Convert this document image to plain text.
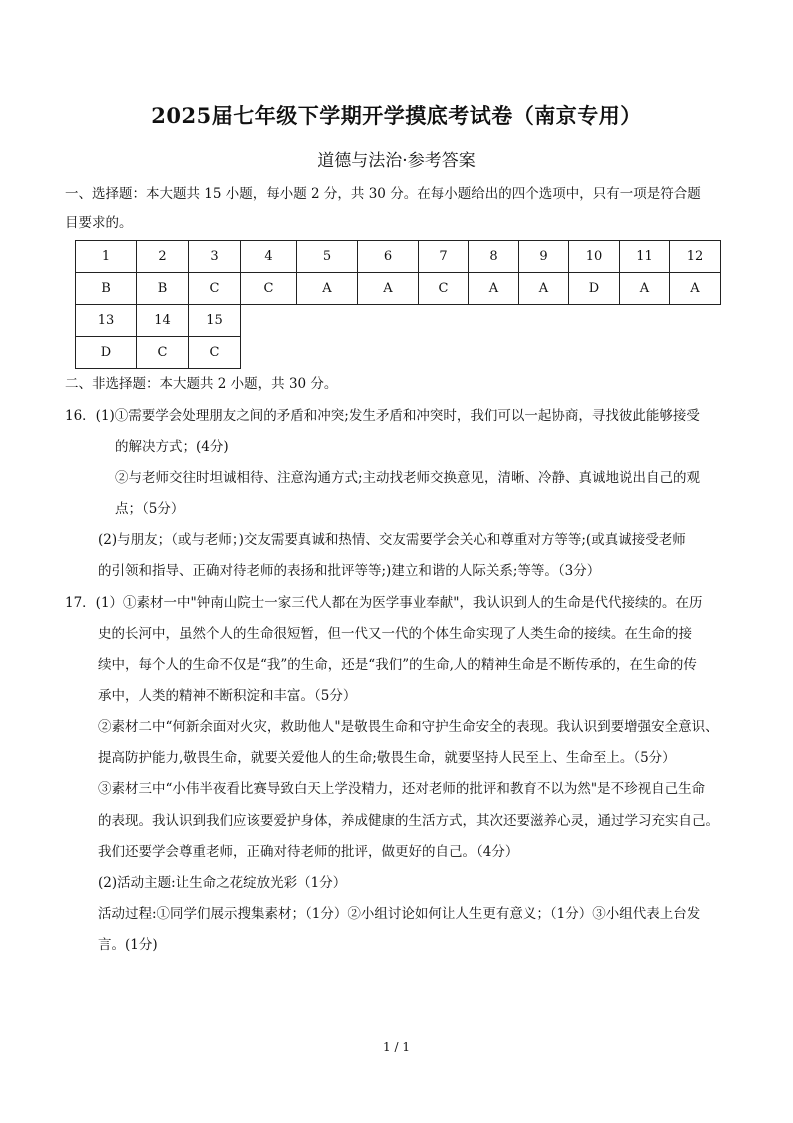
2025届七年级下学期开学摸底考试卷（南京专用）
道德与法治·参考答案
一、选择题：本大题共 15 小题，每小题 2 分，共 30 分。在每小题给出的四个选项中，只有一项是符合题
目要求的。
1	2	3	4	5	6	7	8	9	10	11	12
B	B	C	C	A	A	C	A	A	D	A	A
13	14	15									
D	C	C									
二、非选择题：本大题共 2 小题，共 30 分。
16．(1)①需要学会处理朋友之间的矛盾和冲突;发生矛盾和冲突时，我们可以一起协商，寻找彼此能够接受
的解决方式；(4分)
②与老师交往时坦诚相待、注意沟通方式;主动找老师交换意见，清晰、冷静、真诚地说出自己的观
点；（5分）
(2)与朋友；（或与老师；)交友需要真诚和热情、交友需要学会关心和尊重对方等等;(或真诚接受老师
的引领和指导、正确对待老师的表扬和批评等等;)建立和谐的人际关系;等等。（3分）
17．(1）①素材一中"钟南山院士一家三代人都在为医学事业奉献"，我认识到人的生命是代代接续的。在历
史的长河中，虽然个人的生命很短暂，但一代又一代的个体生命实现了人类生命的接续。在生命的接
续中，每个人的生命不仅是“我”的生命，还是“我们”的生命,人的精神生命是不断传承的，在生命的传
承中，人类的精神不断积淀和丰富。（5分）
②素材二中“何新余面对火灾，救助他人"是敬畏生命和守护生命安全的表现。我认识到要增强安全意识、
提高防护能力,敬畏生命，就要关爱他人的生命;敬畏生命，就要坚持人民至上、生命至上。（5分）
③素材三中“小伟半夜看比赛导致白天上学没精力，还对老师的批评和教育不以为然"是不珍视自己生命
的表现。我认识到我们应该要爱护身体，养成健康的生活方式，其次还要滋养心灵，通过学习充实自己。
我们还要学会尊重老师，正确对待老师的批评，做更好的自己。（4分）
(2)活动主题:让生命之花绽放光彩（1分）
活动过程:①同学们展示搜集素材；（1分）②小组讨论如何让人生更有意义；（1分）③小组代表上台发
言。(1分)
1 / 1
